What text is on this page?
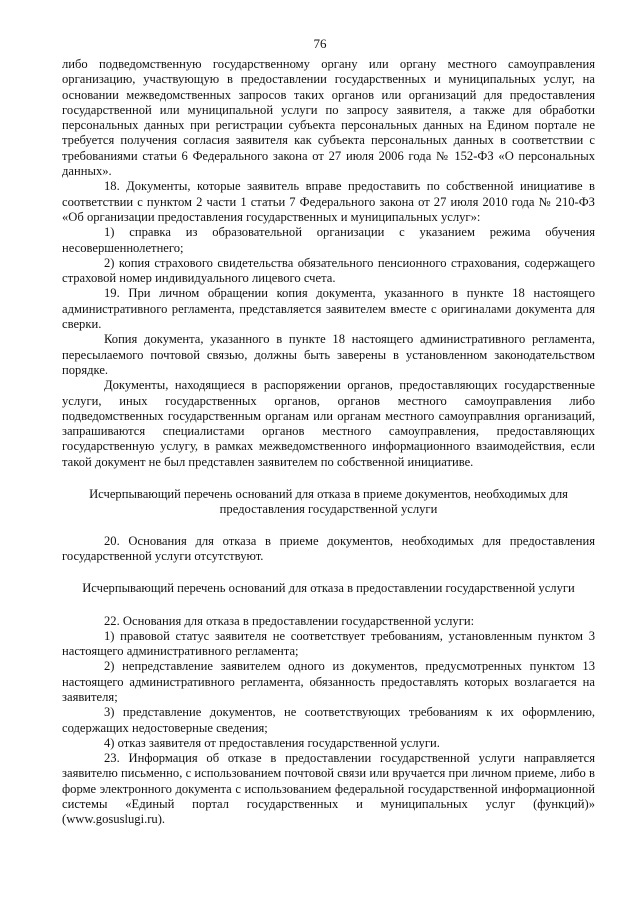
76

либо подведомственную государственному органу или органу местного самоуправления организацию, участвующую в предоставлении государственных и муниципальных услуг, на основании межведомственных запросов таких органов или организаций для предоставления государственной или муниципальной услуги по запросу заявителя, а также для обработки персональных данных при регистрации субъекта персональных данных на Едином портале не требуется получения согласия заявителя как субъекта персональных данных в соответствии с требованиями статьи 6 Федерального закона от 27 июля 2006 года № 152-ФЗ «О персональных данных».

18. Документы, которые заявитель вправе предоставить по собственной инициативе в соответствии с пунктом 2 части 1 статьи 7 Федерального закона от 27 июля 2010 года № 210-ФЗ «Об организации предоставления государственных и муниципальных услуг»:

1) справка из образовательной организации с указанием режима обучения несовершеннолетнего;

2) копия страхового свидетельства обязательного пенсионного страхования, содержащего страховой номер индивидуального лицевого счета.

19. При личном обращении копия документа, указанного в пункте 18 настоящего административного регламента, представляется заявителем вместе с оригиналами документа для сверки.

Копия документа, указанного в пункте 18 настоящего административного регламента, пересылаемого почтовой связью, должны быть заверены в установленном законодательством порядке.

Документы, находящиеся в распоряжении органов, предоставляющих государственные услуги, иных государственных органов, органов местного самоуправления либо подведомственных государственным органам или органам местного самоуправлния организаций, запрашиваются специалистами органов местного самоуправления, предоставляющих государственную услугу, в рамках межведомственного информационного взаимодействия, если такой документ не был представлен заявителем по собственной инициативе.

Исчерпывающий перечень оснований для отказа в приеме документов, необходимых для предоставления государственной услуги

20. Основания для отказа в приеме документов, необходимых для предоставления государственной услуги отсутствуют.

Исчерпывающий перечень оснований для отказа в предоставлении государственной услуги

22. Основания для отказа в предоставлении государственной услуги:

1) правовой статус заявителя не соответствует требованиям, установленным пунктом 3 настоящего административного регламента;

2) непредставление заявителем одного из документов, предусмотренных пунктом 13 настоящего административного регламента, обязанность предоставлять которых возлагается на заявителя;

3) представление документов, не соответствующих требованиям к их оформлению, содержащих недостоверные сведения;

4) отказ заявителя от предоставления государственной услуги.

23. Информация об отказе в предоставлении государственной услуги направляется заявителю письменно, с использованием почтовой связи или вручается при личном приеме, либо в форме электронного документа с использованием федеральной государственной информационной системы «Единый портал государственных и муниципальных услуг (функций)» (www.gosuslugi.ru).
